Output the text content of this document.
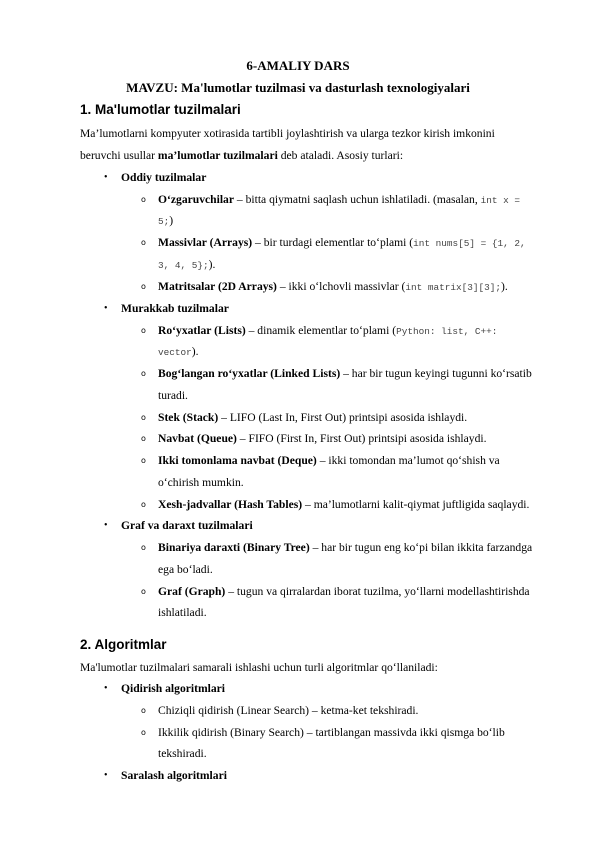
6-AMALIY DARS
MAVZU: Ma'lumotlar tuzilmasi va dasturlash texnologiyalari
1. Ma'lumotlar tuzilmalari
Ma’lumotlarni kompyuter xotirasida tartibli joylashtirish va ularga tezkor kirish imkonini
beruvchi usullar ma’lumotlar tuzilmalari deb ataladi. Asosiy turlari:
• Oddiy tuzilmalar
o O‘zgaruvchilar – bitta qiymatni saqlash uchun ishlatiladi. (masalan, int x =
5;)
o Massivlar (Arrays) – bir turdagi elementlar to‘plami (int nums[5] = {1, 2,
3, 4, 5};).
o Matritsalar (2D Arrays) – ikki o‘lchovli massivlar (int matrix[3][3];).
• Murakkab tuzilmalar
o Ro‘yxatlar (Lists) – dinamik elementlar to‘plami (Python: list, C++:
vector).
o Bog‘langan ro‘yxatlar (Linked Lists) – har bir tugun keyingi tugunni ko‘rsatib
turadi.
o Stek (Stack) – LIFO (Last In, First Out) printsipi asosida ishlaydi.
o Navbat (Queue) – FIFO (First In, First Out) printsipi asosida ishlaydi.
o Ikki tomonlama navbat (Deque) – ikki tomondan ma’lumot qo‘shish va
o‘chirish mumkin.
o Xesh-jadvallar (Hash Tables) – ma’lumotlarni kalit-qiymat juftligida saqlaydi.
• Graf va daraxt tuzilmalari
o Binariya daraxti (Binary Tree) – har bir tugun eng ko‘pi bilan ikkita farzandga
ega bo‘ladi.
o Graf (Graph) – tugun va qirralardan iborat tuzilma, yo‘llarni modellashtirishda
ishlatiladi.
2. Algoritmlar
Ma'lumotlar tuzilmalari samarali ishlashi uchun turli algoritmlar qo‘llaniladi:
• Qidirish algoritmlari
o Chiziqli qidirish (Linear Search) – ketma-ket tekshiradi.
o Ikkilik qidirish (Binary Search) – tartiblangan massivda ikki qismga bo‘lib
tekshiradi.
• Saralash algoritmlari
